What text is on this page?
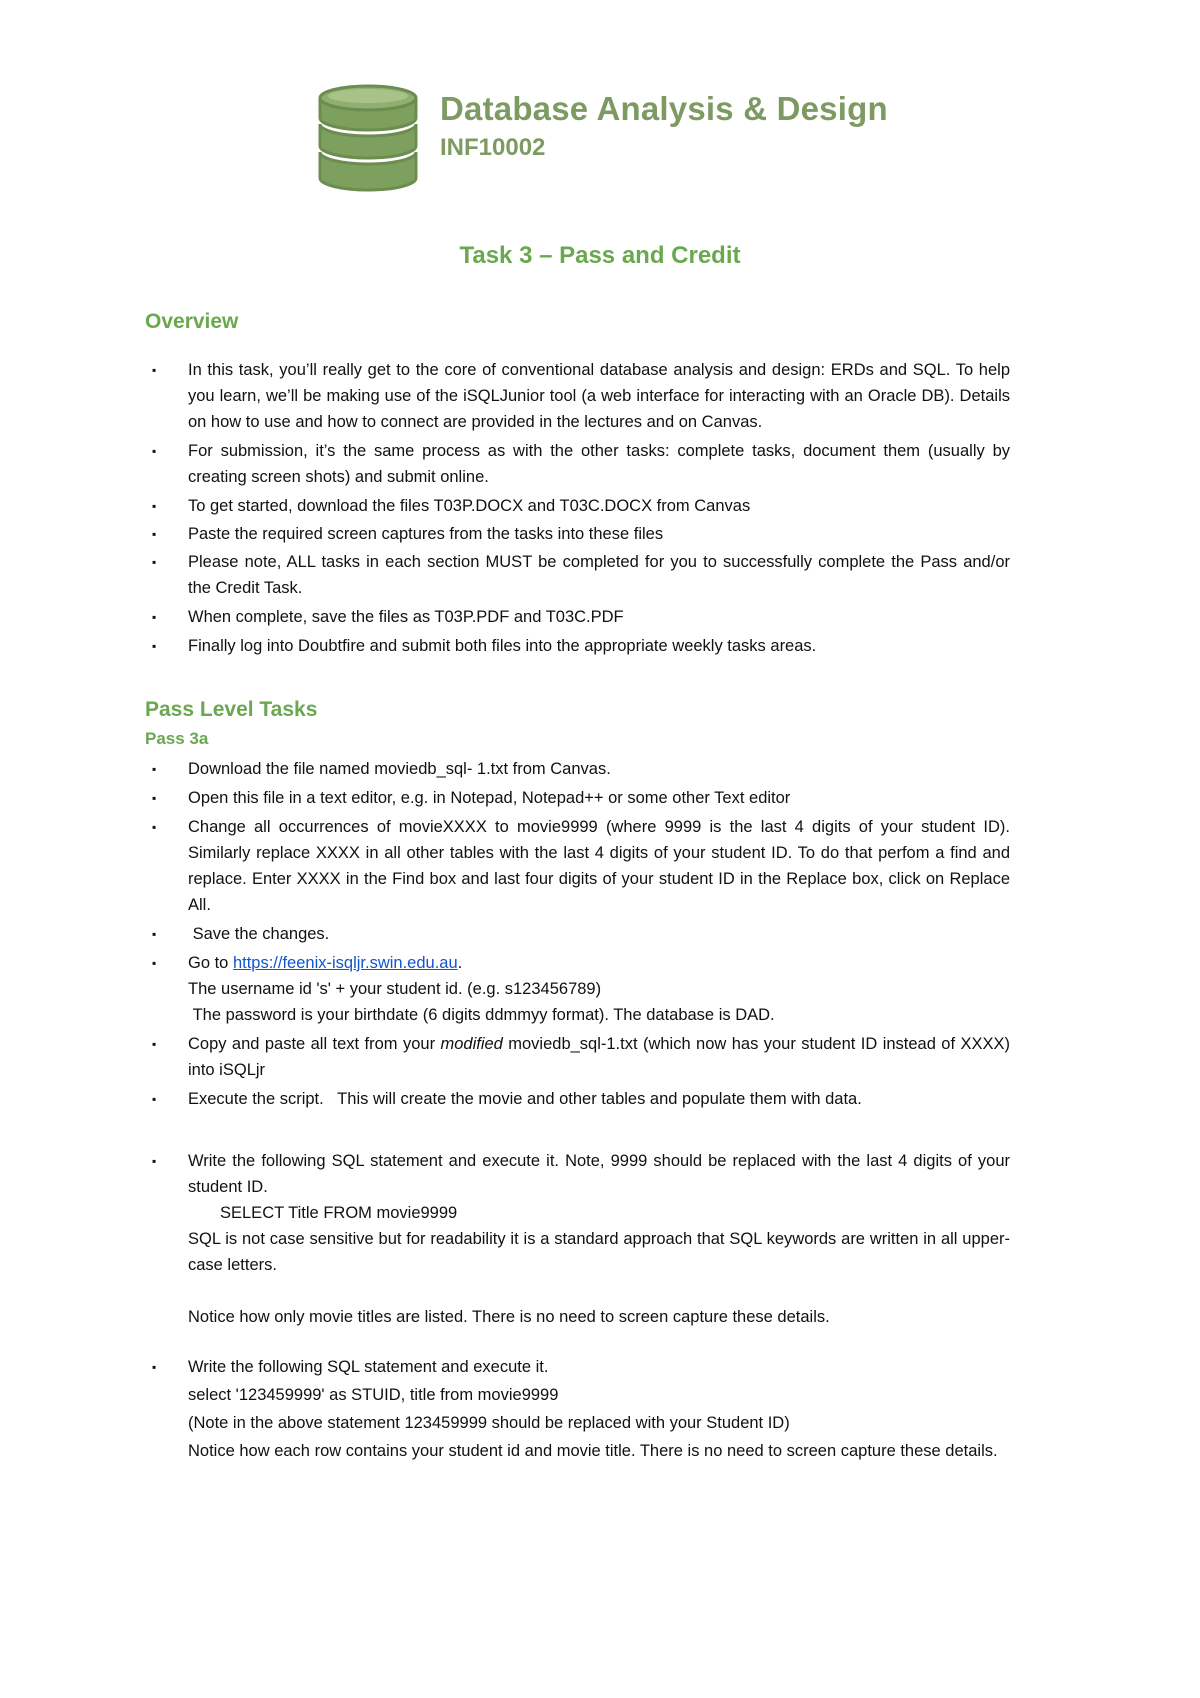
Database Analysis & Design
INF10002
Task 3 – Pass and Credit
Overview
▪ In this task, you’ll really get to the core of conventional database analysis and design: ERDs and SQL. To help you learn, we’ll be making use of the iSQLJunior tool (a web interface for interacting with an Oracle DB). Details on how to use and how to connect are provided in the lectures and on Canvas.
▪ For submission, it’s the same process as with the other tasks: complete tasks, document them (usually by creating screen shots) and submit online.
▪ To get started, download the files T03P.DOCX and T03C.DOCX from Canvas
▪ Paste the required screen captures from the tasks into these files
▪ Please note, ALL tasks in each section MUST be completed for you to successfully complete the Pass and/or the Credit Task.
▪ When complete, save the files as T03P.PDF and T03C.PDF
▪ Finally log into Doubtfire and submit both files into the appropriate weekly tasks areas.
Pass Level Tasks
Pass 3a
▪ Download the file named moviedb_sql- 1.txt from Canvas.
▪ Open this file in a text editor, e.g. in Notepad, Notepad++ or some other Text editor
▪ Change all occurrences of movieXXXX to movie9999 (where 9999 is the last 4 digits of your student ID). Similarly replace XXXX in all other tables with the last 4 digits of your student ID. To do that perfom a find and replace. Enter XXXX in the Find box and last four digits of your student ID in the Replace box, click on Replace All.
▪ Save the changes.
▪ Go to https://feenix-isqljr.swin.edu.au.
The username id 's' + your student id. (e.g. s123456789)
The password is your birthdate (6 digits ddmmyy format). The database is DAD.
▪ Copy and paste all text from your modified moviedb_sql-1.txt (which now has your student ID instead of XXXX) into iSQLjr
▪ Execute the script.   This will create the movie and other tables and populate them with data.
▪ Write the following SQL statement and execute it. Note, 9999 should be replaced with the last 4 digits of your student ID.
SELECT Title FROM movie9999
SQL is not case sensitive but for readability it is a standard approach that SQL keywords are written in all upper-case letters.
Notice how only movie titles are listed. There is no need to screen capture these details.
▪ Write the following SQL statement and execute it.
select '123459999' as STUID, title from movie9999
(Note in the above statement 123459999 should be replaced with your Student ID)
Notice how each row contains your student id and movie title. There is no need to screen capture these details.
